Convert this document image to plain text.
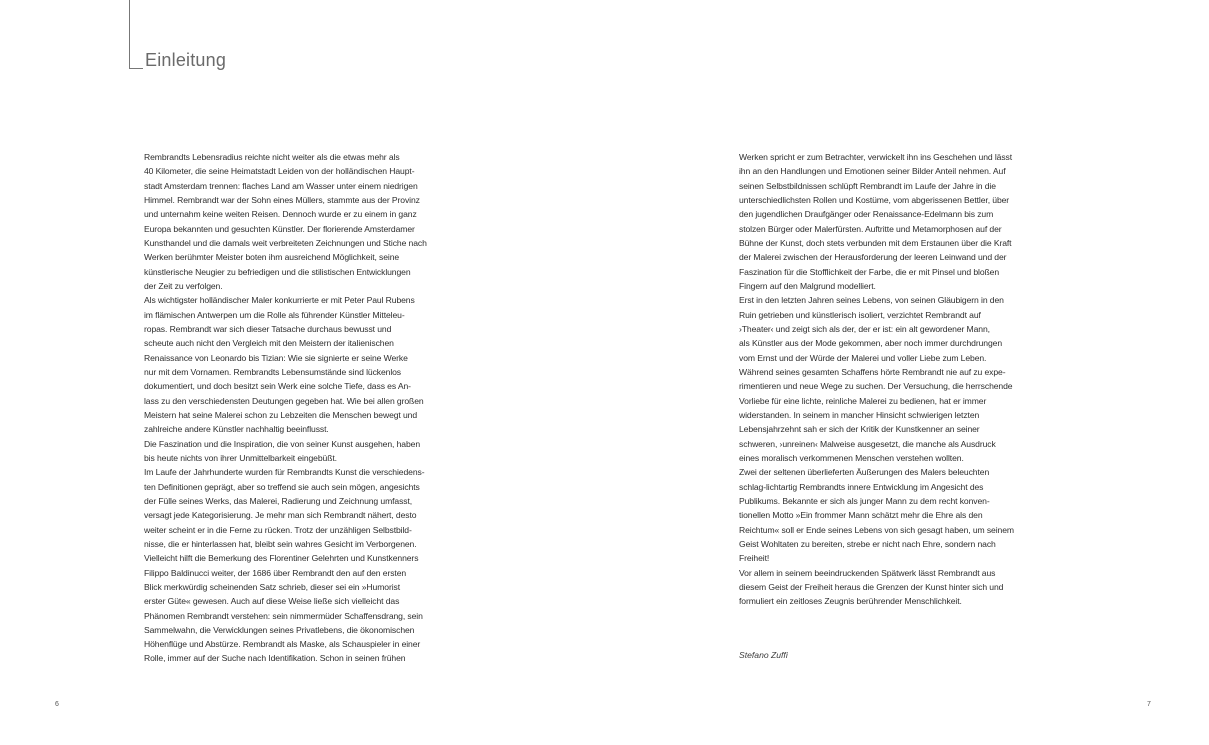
Einleitung
Rembrandts Lebensradius reichte nicht weiter als die etwas mehr als
40 Kilometer, die seine Heimatstadt Leiden von der holländischen Haupt-
stadt Amsterdam trennen: flaches Land am Wasser unter einem niedrigen
Himmel. Rembrandt war der Sohn eines Müllers, stammte aus der Provinz
und unternahm keine weiten Reisen. Dennoch wurde er zu einem in ganz
Europa bekannten und gesuchten Künstler. Der florierende Amsterdamer
Kunsthandel und die damals weit verbreiteten Zeichnungen und Stiche nach
Werken berühmter Meister boten ihm ausreichend Möglichkeit, seine
künstlerische Neugier zu befriedigen und die stilistischen Entwicklungen
der Zeit zu verfolgen.
Als wichtigster holländischer Maler konkurrierte er mit Peter Paul Rubens
im flämischen Antwerpen um die Rolle als führender Künstler Mitteleu-
ropas. Rembrandt war sich dieser Tatsache durchaus bewusst und
scheute auch nicht den Vergleich mit den Meistern der italienischen
Renaissance von Leonardo bis Tizian: Wie sie signierte er seine Werke
nur mit dem Vornamen. Rembrandts Lebensumstände sind lückenlos
dokumentiert, und doch besitzt sein Werk eine solche Tiefe, dass es An-
lass zu den verschiedensten Deutungen gegeben hat. Wie bei allen großen
Meistern hat seine Malerei schon zu Lebzeiten die Menschen bewegt und
zahlreiche andere Künstler nachhaltig beeinflusst.
Die Faszination und die Inspiration, die von seiner Kunst ausgehen, haben
bis heute nichts von ihrer Unmittelbarkeit eingebüßt.
Im Laufe der Jahrhunderte wurden für Rembrandts Kunst die verschiedens-
ten Definitionen geprägt, aber so treffend sie auch sein mögen, angesichts
der Fülle seines Werks, das Malerei, Radierung und Zeichnung umfasst,
versagt jede Kategorisierung. Je mehr man sich Rembrandt nähert, desto
weiter scheint er in die Ferne zu rücken. Trotz der unzähligen Selbstbild-
nisse, die er hinterlassen hat, bleibt sein wahres Gesicht im Verborgenen.
Vielleicht hilft die Bemerkung des Florentiner Gelehrten und Kunstkenners
Filippo Baldinucci weiter, der 1686 über Rembrandt den auf den ersten
Blick merkwürdig scheinenden Satz schrieb, dieser sei ein »Humorist
erster Güte« gewesen. Auch auf diese Weise ließe sich vielleicht das
Phänomen Rembrandt verstehen: sein nimmermüder Schaffensdrang, sein
Sammelwahn, die Verwicklungen seines Privatlebens, die ökonomischen
Höhenflüge und Abstürze. Rembrandt als Maske, als Schauspieler in einer
Rolle, immer auf der Suche nach Identifikation. Schon in seinen frühen
Werken spricht er zum Betrachter, verwickelt ihn ins Geschehen und lässt
ihn an den Handlungen und Emotionen seiner Bilder Anteil nehmen. Auf
seinen Selbstbildnissen schlüpft Rembrandt im Laufe der Jahre in die
unterschiedlichsten Rollen und Kostüme, vom abgerissenen Bettler, über
den jugendlichen Draufgänger oder Renaissance-Edelmann bis zum
stolzen Bürger oder Malerfürsten. Auftritte und Metamorphosen auf der
Bühne der Kunst, doch stets verbunden mit dem Erstaunen über die Kraft
der Malerei zwischen der Herausforderung der leeren Leinwand und der
Faszination für die Stofflichkeit der Farbe, die er mit Pinsel und bloßen
Fingern auf den Malgrund modelliert.
Erst in den letzten Jahren seines Lebens, von seinen Gläubigern in den
Ruin getrieben und künstlerisch isoliert, verzichtet Rembrandt auf
›Theater‹ und zeigt sich als der, der er ist: ein alt gewordener Mann,
als Künstler aus der Mode gekommen, aber noch immer durchdrungen
vom Ernst und der Würde der Malerei und voller Liebe zum Leben.
Während seines gesamten Schaffens hörte Rembrandt nie auf zu expe-
rimentieren und neue Wege zu suchen. Der Versuchung, die herrschende
Vorliebe für eine lichte, reinliche Malerei zu bedienen, hat er immer
widerstanden. In seinem in mancher Hinsicht schwierigen letzten
Lebensjahrzehnt sah er sich der Kritik der Kunstkenner an seiner
schweren, ›unreinen‹ Malweise ausgesetzt, die manche als Ausdruck
eines moralisch verkommenen Menschen verstehen wollten.
Zwei der seltenen überlieferten Äußerungen des Malers beleuchten
schlag-lichtartig Rembrandts innere Entwicklung im Angesicht des
Publikums. Bekannte er sich als junger Mann zu dem recht konven-
tionellen Motto »Ein frommer Mann schätzt mehr die Ehre als den
Reichtum« soll er Ende seines Lebens von sich gesagt haben, um seinem
Geist Wohltaten zu bereiten, strebe er nicht nach Ehre, sondern nach
Freiheit!
Vor allem in seinem beeindruckenden Spätwerk lässt Rembrandt aus
diesem Geist der Freiheit heraus die Grenzen der Kunst hinter sich und
formuliert ein zeitloses Zeugnis berührender Menschlichkeit.
Stefano Zuffi
6	7
